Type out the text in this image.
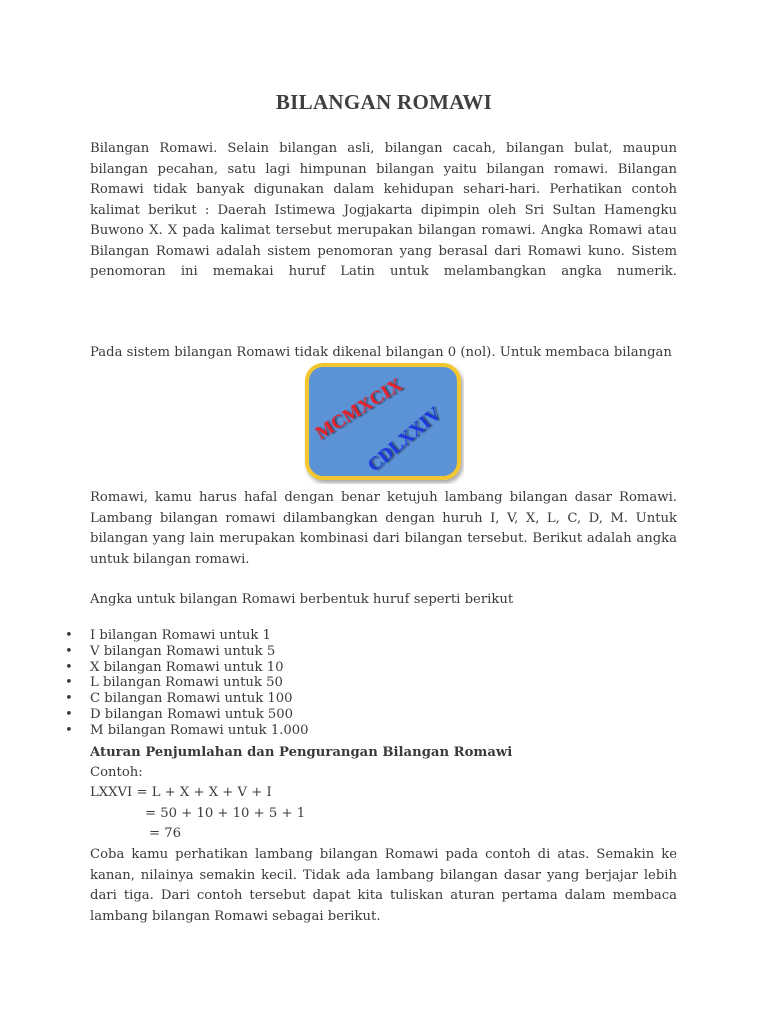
BILANGAN ROMAWI

Bilangan Romawi. Selain bilangan asli, bilangan cacah, bilangan bulat, maupun bilangan pecahan, satu lagi himpunan bilangan yaitu bilangan romawi. Bilangan Romawi tidak banyak digunakan dalam kehidupan sehari-hari. Perhatikan contoh kalimat berikut : Daerah Istimewa Jogjakarta dipimpin oleh Sri Sultan Hamengku Buwono X. X pada kalimat tersebut merupakan bilangan romawi. Angka Romawi atau Bilangan Romawi adalah sistem penomoran yang berasal dari Romawi kuno. Sistem penomoran ini memakai huruf Latin untuk melambangkan angka numerik.

Pada sistem bilangan Romawi tidak dikenal bilangan 0 (nol). Untuk membaca bilangan

MCMXCIX
CDLXXIV

Romawi, kamu harus hafal dengan benar ketujuh lambang bilangan dasar Romawi. Lambang bilangan romawi dilambangkan dengan huruh I, V, X, L, C, D, M. Untuk bilangan yang lain merupakan kombinasi dari bilangan tersebut. Berikut adalah angka untuk bilangan romawi.

Angka untuk bilangan Romawi berbentuk huruf seperti berikut

• I bilangan Romawi untuk 1
• V bilangan Romawi untuk 5
• X bilangan Romawi untuk 10
• L bilangan Romawi untuk 50
• C bilangan Romawi untuk 100
• D bilangan Romawi untuk 500
• M bilangan Romawi untuk 1.000

Aturan Penjumlahan dan Pengurangan Bilangan Romawi

Contoh:

LXXVI = L + X + X + V + I

= 50 + 10 + 10 + 5 + 1

= 76

Coba kamu perhatikan lambang bilangan Romawi pada contoh di atas. Semakin ke kanan, nilainya semakin kecil. Tidak ada lambang bilangan dasar yang berjajar lebih dari tiga. Dari contoh tersebut dapat kita tuliskan aturan pertama dalam membaca lambang bilangan Romawi sebagai berikut.
